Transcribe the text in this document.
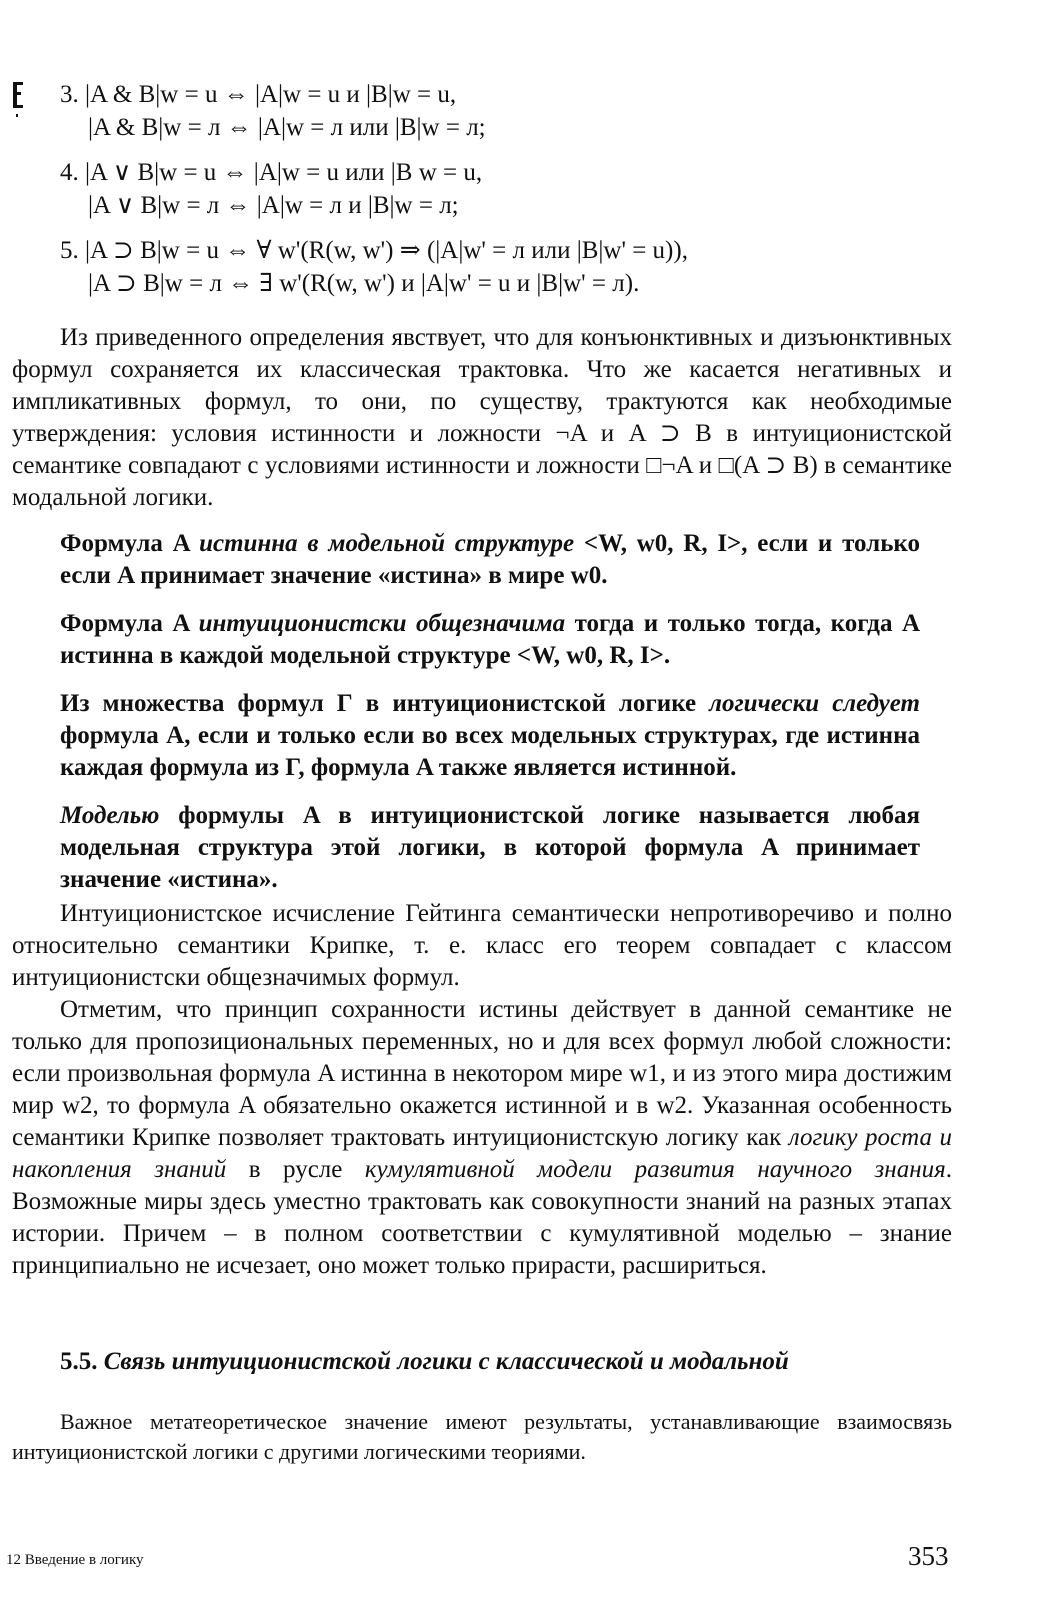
3. |A & B|w = u ⇔ |A|w = u и |B|w = u,
|A & B|w = л ⇔ |A|w = л или |B|w = л;
4. |A ∨ B|w = u ⇔ |A|w = u или |B w = u,
|A ∨ B|w = л ⇔ |A|w = л и |B|w = л;
5. |A ⊃ B|w = u ⇔ ∀ w'(R(w, w') ⇒ (|A|w' = л или |B|w' = u)),
|A ⊃ B|w = л ⇔ ∃ w'(R(w, w') и |A|w' = u и |B|w' = л).

Из приведенного определения явствует, что для конъюнктивных и дизъюнктивных формул сохраняется их классическая трактовка. Что же касается негативных и импликативных формул, то они, по существу, трактуются как необходимые утверждения: условия истинности и ложности ¬A и A ⊃ B в интуиционистской семантике совпадают с условиями истинности и ложности □¬A и □(A ⊃ B) в семантике модальной логики.

Формула A истинна в модельной структуре <W, w0, R, I>, если и только если A принимает значение «истина» в мире w0.

Формула A интуиционистски общезначима тогда и только тогда, когда A истинна в каждой модельной структуре <W, w0, R, I>.

Из множества формул Г в интуиционистской логике логически следует формула A, если и только если во всех модельных структурах, где истинна каждая формула из Г, формула A также является истинной.

Моделью формулы A в интуиционистской логике называется любая модельная структура этой логики, в которой формула A принимает значение «истина».

Интуиционистское исчисление Гейтинга семантически непротиворечиво и полно относительно семантики Крипке, т. е. класс его теорем совпадает с классом интуиционистски общезначимых формул.

Отметим, что принцип сохранности истины действует в данной семантике не только для пропозициональных переменных, но и для всех формул любой сложности: если произвольная формула A истинна в некотором мире w1, и из этого мира достижим мир w2, то формула A обязательно окажется истинной и в w2. Указанная особенность семантики Крипке позволяет трактовать интуиционистскую логику как логику роста и накопления знаний в русле кумулятивной модели развития научного знания. Возможные миры здесь уместно трактовать как совокупности знаний на разных этапах истории. Причем – в полном соответствии с кумулятивной моделью – знание принципиально не исчезает, оно может только прирасти, расшириться.

5.5. Связь интуиционистской логики с классической и модальной

Важное метатеоретическое значение имеют результаты, устанавливающие взаимосвязь интуиционистской логики с другими логическими теориями.

12 Введение в логику	353
